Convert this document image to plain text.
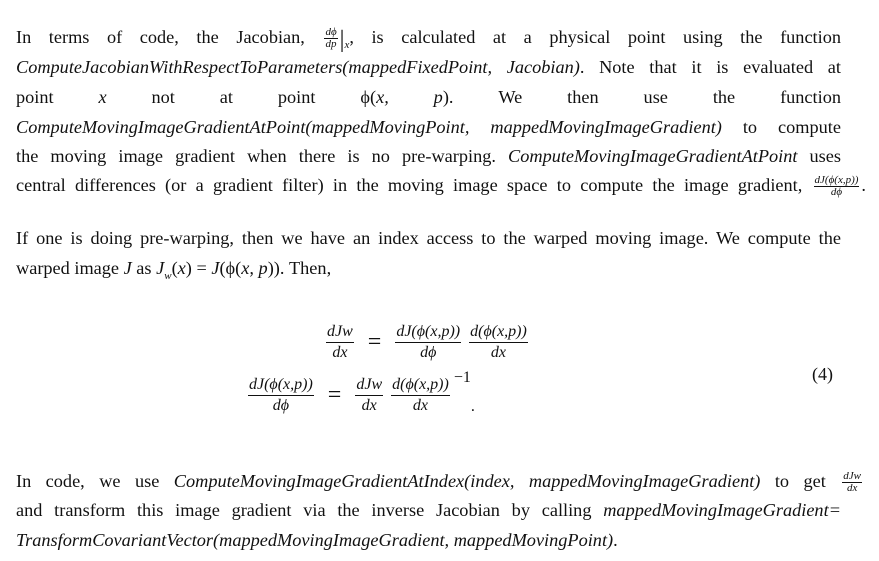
In terms of code, the Jacobian, $\frac{d\phi}{dp} |_x$, is calculated at a physical point using the function
ComputeJacobianWithRespectToParameters(mappedFixedPoint, Jacobian). Note that it is evaluated at
point x not at point ϕ(x, p). We then use the function
ComputeMovingImageGradientAtPoint(mappedMovingPoint, mappedMovingImageGradient) to compute
the moving image gradient when there is no pre-warping. ComputeMovingImageGradientAtPoint uses
central differences (or a gradient filter) in the moving image space to compute the image gradient, $\frac{dJ(\phi(x,p))}{d\phi}$ .
If one is doing pre-warping, then we have an index access to the warped moving image. We compute the
warped image J as $J_w(x) = J(\phi(x$, p)). Then,
In code, we use ComputeMovingImageGradientAtIndex(index, mappedMovingImageGradient) to get dJw
dx
and transform this image gradient via the inverse Jacobian by calling mappedMovingImageGradient=
TransformCovariantVector(mappedMovingImageGradient, mappedMovingPoint).
dJw
dx = $\frac{dJ(\phi(x,p))}{d\phi} d(\phi(x,p))$
dx
$\frac{dJ(\phi(x,p))}{d\phi}$ = dJw
dx
d(ϕ(x,p))
dx
−1
.
(4)
